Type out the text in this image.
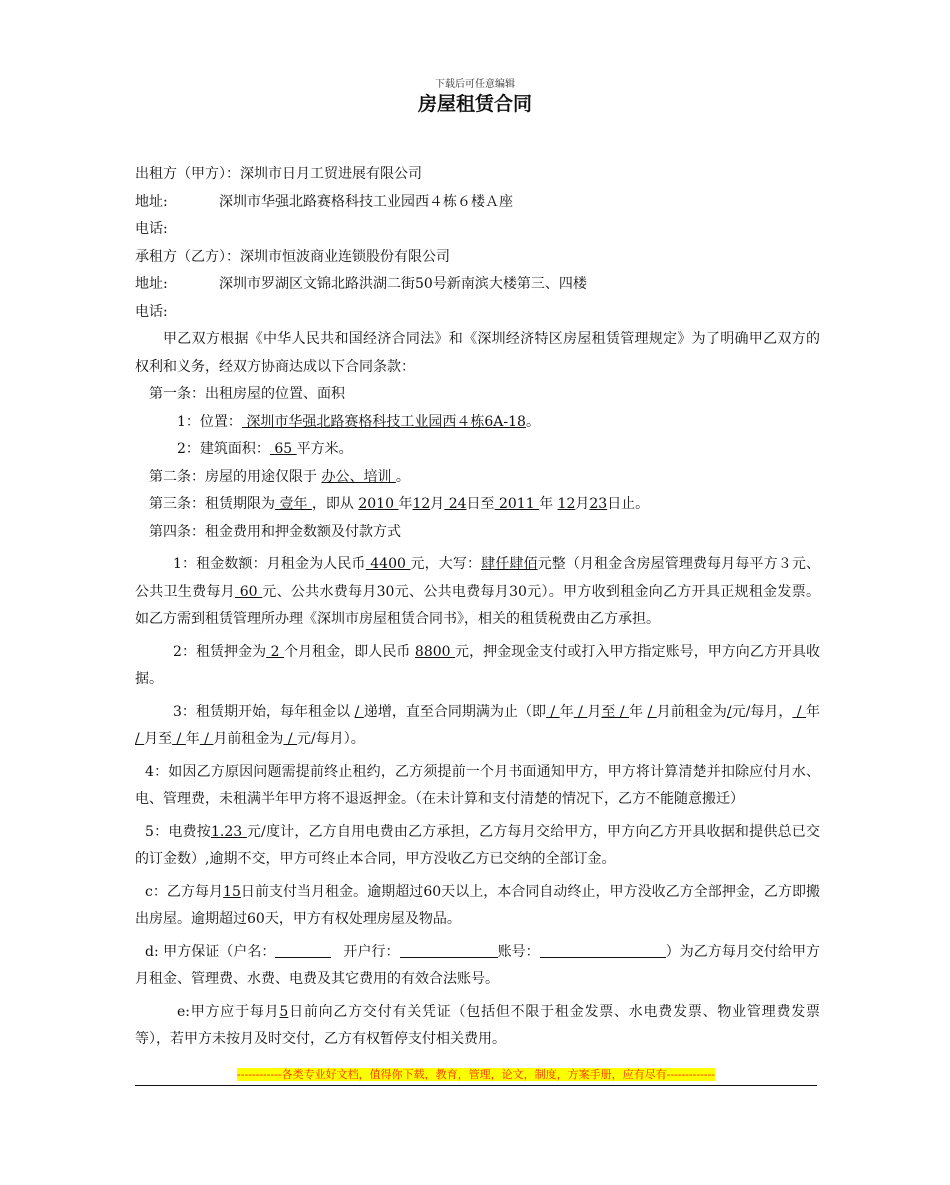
下载后可任意编辑
房屋租赁合同
出租方（甲方）：深圳市日月工贸进展有限公司
地址:	深圳市华强北路赛格科技工业园西４栋６楼Ａ座
电话:
承租方（乙方）：深圳市恒波商业连锁股份有限公司
地址:	深圳市罗湖区文锦北路洪湖二街50号新南滨大楼第三、四楼
电话:
甲乙双方根据《中华人民共和国经济合同法》和《深圳经济特区房屋租赁管理规定》为了明确甲乙双方的权利和义务，经双方协商达成以下合同条款：
第一条：出租房屋的位置、面积
1：位置： 深圳市华强北路赛格科技工业园西４栋6A-18。
2：建筑面积： 65 平方米。
第二条：房屋的用途仅限于 办公、培训 。
第三条：租赁期限为 壹年 ，即从 2010 年12月 24日至 2011 年 12月23日止。
第四条：租金费用和押金数额及付款方式
1：租金数额：月租金为人民币 4400 元，大写：肆仟肆佰元整（月租金含房屋管理费每月每平方３元、公共卫生费每月 60 元、公共水费每月30元、公共电费每月30元）。甲方收到租金向乙方开具正规租金发票。如乙方需到租赁管理所办理《深圳市房屋租赁合同书》，相关的租赁税费由乙方承担。
2：租赁押金为 2 个月租金，即人民币 8800 元，押金现金支付或打入甲方指定账号，甲方向乙方开具收据。
3：租赁期开始，每年租金以 / 递增，直至合同期满为止（即 / 年 / 月至 / 年 / 月前租金为/元/每月， / 年 / 月至 / 年 / 月前租金为 / 元/每月）。
4：如因乙方原因问题需提前终止租约，乙方须提前一个月书面通知甲方，甲方将计算清楚并扣除应付月水、电、管理费，未租满半年甲方将不退返押金。（在未计算和支付清楚的情况下，乙方不能随意搬迁）
5：电费按1.23 元/度计，乙方自用电费由乙方承担，乙方每月交给甲方，甲方向乙方开具收据和提供总已交的订金数）,逾期不交，甲方可终止本合同，甲方没收乙方已交纳的全部订金。
c：乙方每月15日前支付当月租金。逾期超过60天以上，本合同自动终止，甲方没收乙方全部押金，乙方即搬出房屋。逾期超过60天，甲方有权处理房屋及物品。
d: 甲方保证（户名：	开户行：	账号：	）为乙方每月交付给甲方月租金、管理费、水费、电费及其它费用的有效合法账号。
e:甲方应于每月5日前向乙方交付有关凭证（包括但不限于租金发票、水电费发票、物业管理费发票等），若甲方未按月及时交付，乙方有权暂停支付相关费用。
------------各类专业好文档，值得你下载，教育，管理，论文，制度，方案手册，应有尽有-------------
